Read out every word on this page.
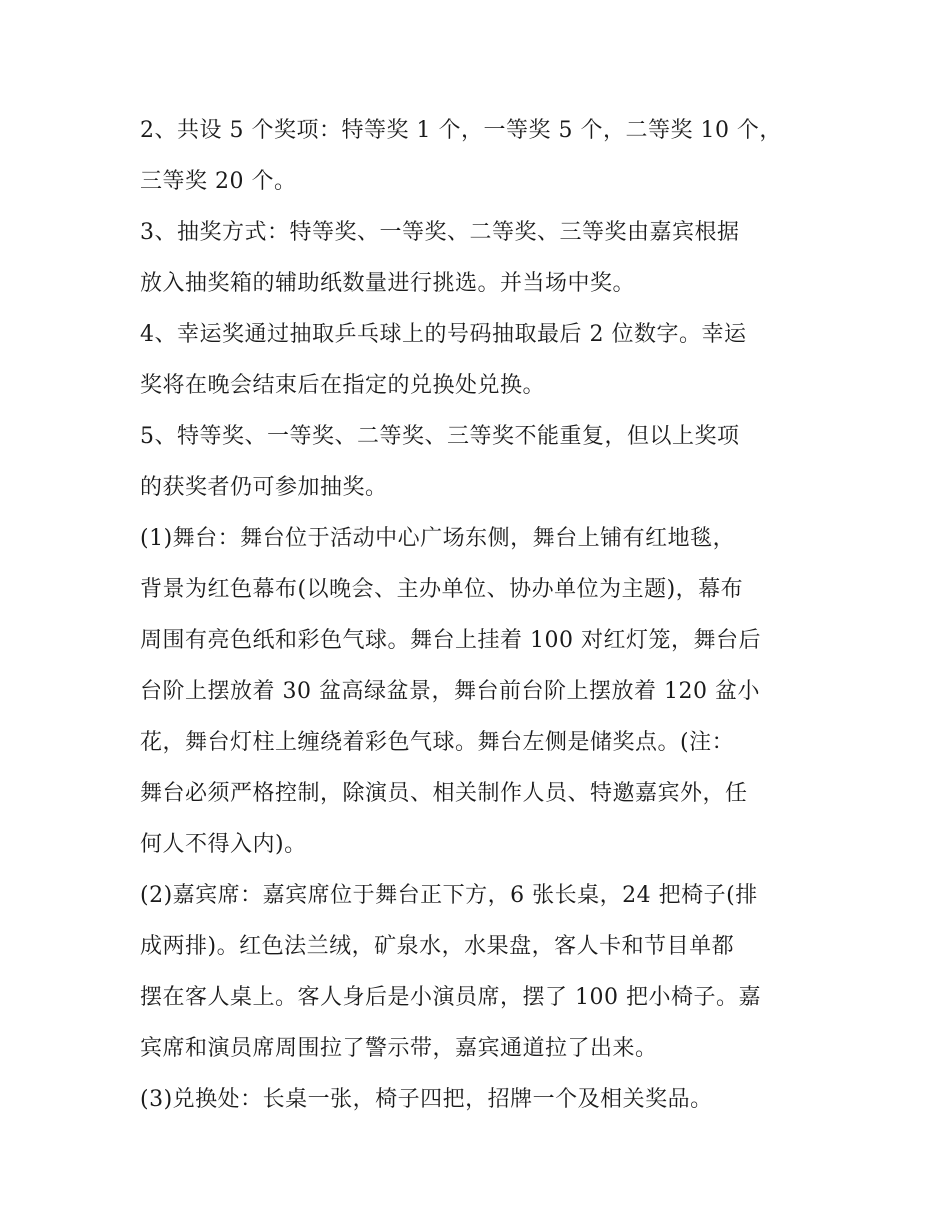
2、共设 5 个奖项：特等奖 1 个，一等奖 5 个，二等奖 10 个，
三等奖 20 个。
3、抽奖方式：特等奖、一等奖、二等奖、三等奖由嘉宾根据
放入抽奖箱的辅助纸数量进行挑选。并当场中奖。
4、幸运奖通过抽取乒乓球上的号码抽取最后 2 位数字。幸运
奖将在晚会结束后在指定的兑换处兑换。
5、特等奖、一等奖、二等奖、三等奖不能重复，但以上奖项
的获奖者仍可参加抽奖。
(1)舞台：舞台位于活动中心广场东侧，舞台上铺有红地毯，
背景为红色幕布(以晚会、主办单位、协办单位为主题)，幕布
周围有亮色纸和彩色气球。舞台上挂着 100 对红灯笼，舞台后
台阶上摆放着 30 盆高绿盆景，舞台前台阶上摆放着 120 盆小
花，舞台灯柱上缠绕着彩色气球。舞台左侧是储奖点。(注：
舞台必须严格控制，除演员、相关制作人员、特邀嘉宾外，任
何人不得入内)。
(2)嘉宾席：嘉宾席位于舞台正下方，6 张长桌，24 把椅子(排
成两排)。红色法兰绒，矿泉水，水果盘，客人卡和节目单都
摆在客人桌上。客人身后是小演员席，摆了 100 把小椅子。嘉
宾席和演员席周围拉了警示带，嘉宾通道拉了出来。
(3)兑换处：长桌一张，椅子四把，招牌一个及相关奖品。
